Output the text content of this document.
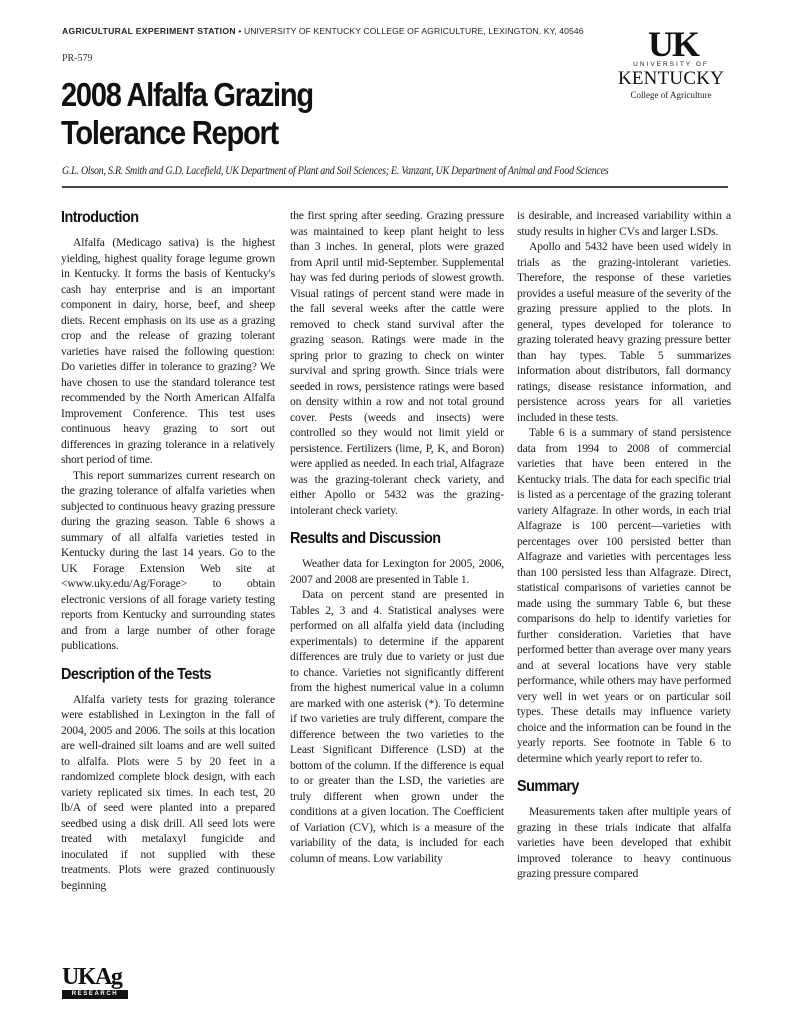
AGRICULTURAL EXPERIMENT STATION • UNIVERSITY OF KENTUCKY COLLEGE OF AGRICULTURE, LEXINGTON, KY, 40546
PR-579
2008 Alfalfa Grazing
Tolerance Report
G.L. Olson, S.R. Smith and G.D. Lacefield, UK Department of Plant and Soil Sciences; E. Vanzant, UK Department of Animal and Food Sciences
UK
UNIVERSITY OF
KENTUCKY
College of Agriculture
Introduction

Alfalfa (Medicago sativa) is the highest yielding, highest quality forage legume grown in Kentucky. It forms the basis of Kentucky's cash hay enterprise and is an important component in dairy, horse, beef, and sheep diets. Recent emphasis on its use as a grazing crop and the release of grazing tolerant varieties have raised the following question: Do varieties differ in tolerance to grazing? We have chosen to use the standard tolerance test recommended by the North American Alfalfa Improvement Conference. This test uses continuous heavy grazing to sort out differences in grazing tolerance in a relatively short period of time.

This report summarizes current research on the grazing tolerance of alfalfa varieties when subjected to continuous heavy grazing pressure during the grazing season. Table 6 shows a summary of all alfalfa varieties tested in Kentucky during the last 14 years. Go to the UK Forage Extension Web site at <www.uky.edu/Ag/Forage> to obtain electronic versions of all forage variety testing reports from Kentucky and surrounding states and from a large number of other forage publications.

Description of the Tests

Alfalfa variety tests for grazing tolerance were established in Lexington in the fall of 2004, 2005 and 2006. The soils at this location are well-drained silt loams and are well suited to alfalfa. Plots were 5 by 20 feet in a randomized complete block design, with each variety replicated six times. In each test, 20 lb/A of seed were planted into a prepared seedbed using a disk drill. All seed lots were treated with metalaxyl fungicide and inoculated if not supplied with these treatments. Plots were grazed continuously beginning

the first spring after seeding. Grazing pressure was maintained to keep plant height to less than 3 inches. In general, plots were grazed from April until mid-September. Supplemental hay was fed during periods of slowest growth. Visual ratings of percent stand were made in the fall several weeks after the cattle were removed to check stand survival after the grazing season. Ratings were made in the spring prior to grazing to check on winter survival and spring growth. Since trials were seeded in rows, persistence ratings were based on density within a row and not total ground cover. Pests (weeds and insects) were controlled so they would not limit yield or persistence. Fertilizers (lime, P, K, and Boron) were applied as needed. In each trial, Alfagraze was the grazing-tolerant check variety, and either Apollo or 5432 was the grazing-intolerant check variety.

Results and Discussion

Weather data for Lexington for 2005, 2006, 2007 and 2008 are presented in Table 1.

Data on percent stand are presented in Tables 2, 3 and 4. Statistical analyses were performed on all alfalfa yield data (including experimentals) to determine if the apparent differences are truly due to variety or just due to chance. Varieties not significantly different from the highest numerical value in a column are marked with one asterisk (*). To determine if two varieties are truly different, compare the difference between the two varieties to the Least Significant Difference (LSD) at the bottom of the column. If the difference is equal to or greater than the LSD, the varieties are truly different when grown under the conditions at a given location. The Coefficient of Variation (CV), which is a measure of the variability of the data, is included for each column of means. Low variability

is desirable, and increased variability within a study results in higher CVs and larger LSDs.

Apollo and 5432 have been used widely in trials as the grazing-intolerant varieties. Therefore, the response of these varieties provides a useful measure of the severity of the grazing pressure applied to the plots. In general, types developed for tolerance to grazing tolerated heavy grazing pressure better than hay types. Table 5 summarizes information about distributors, fall dormancy ratings, disease resistance information, and persistence across years for all varieties included in these tests.

Table 6 is a summary of stand persistence data from 1994 to 2008 of commercial varieties that have been entered in the Kentucky trials. The data for each specific trial is listed as a percentage of the grazing tolerant variety Alfagraze. In other words, in each trial Alfagraze is 100 percent—varieties with percentages over 100 persisted better than Alfagraze and varieties with percentages less than 100 persisted less than Alfagraze. Direct, statistical comparisons of varieties cannot be made using the summary Table 6, but these comparisons do help to identify varieties for further consideration. Varieties that have performed better than average over many years and at several locations have very stable performance, while others may have performed very well in wet years or on particular soil types. These details may influence variety choice and the information can be found in the yearly reports. See footnote in Table 6 to determine which yearly report to refer to.

Summary

Measurements taken after multiple years of grazing in these trials indicate that alfalfa varieties have been developed that exhibit improved tolerance to heavy continuous grazing pressure compared

UKAg
RESEARCH
